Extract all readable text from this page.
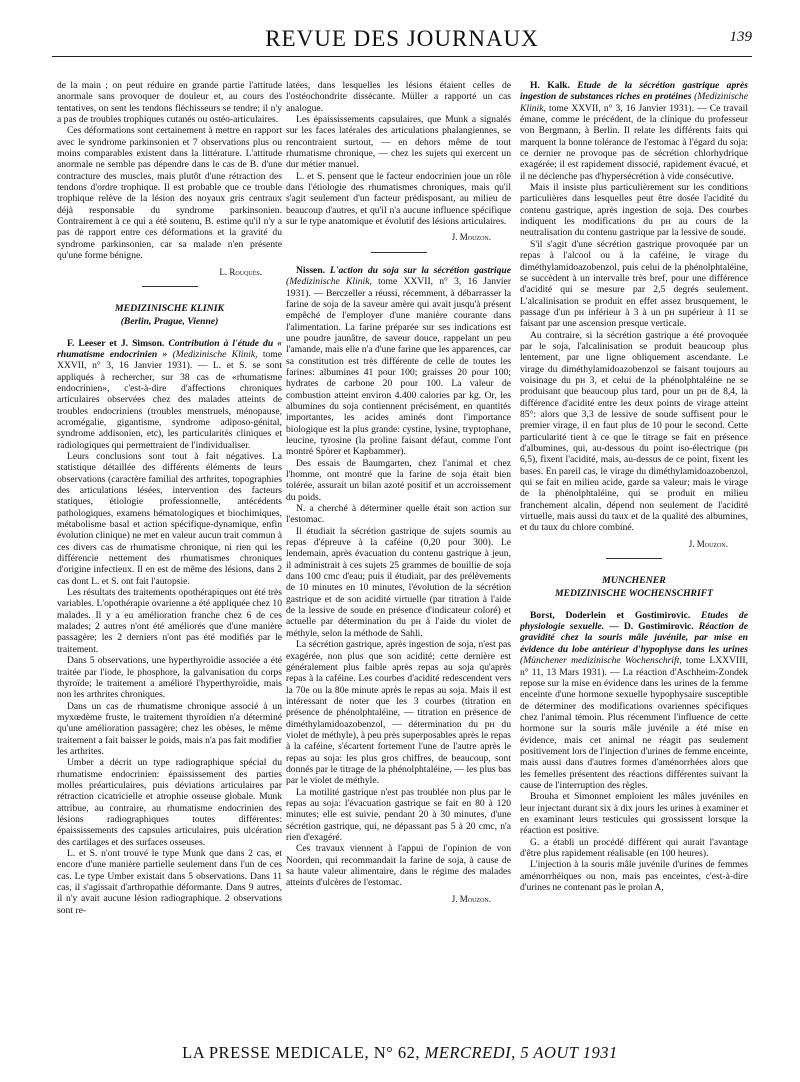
REVUE DES JOURNAUX	139

de la main ; on peut réduire en grande partie l'attitude anormale sans provoquer de douleur et, au cours des tentatives, on sent les tendons fléchisseurs se tendre; il n'y a pas de troubles trophiques cutanés ou ostéo-articulaires.

Ces déformations sont certainement à mettre en rapport avec le syndrome parkinsonien et 7 observations plus ou moins comparables existent dans la littérature. L'attitude anormale ne semble pas dépendre dans le cas de B. d'une contracture des muscles, mais plutôt d'une rétraction des tendons d'ordre trophique. Il est probable que ce trouble trophique relève de la lésion des noyaux gris centraux déjà responsable du syndrome parkinsonien. Contrairement à ce qui a été soutenu, B. estime qu'il n'y a pas de rapport entre ces déformations et la gravité du syndrome parkinsonien, car sa malade n'en présente qu'une forme bénigne.

L. Rouquès.
MEDIZINISCHE KLINIK
(Berlin, Prague, Vienne)

F. Leeser et J. Simson. Contribution à l'étude du « rhumatisme endocrinien » (Medizinische Klinik, tome XXVII, n° 3, 16 Janvier 1931). — L. et S. se sont appliqués à rechercher, sur 38 cas de «rhumatisme endocrinien», c'est-à-dire d'affections chroniques articulaires observées chez des malades atteints de troubles endocriniens (troubles menstruels, ménopause, acromégalie, gigantisme, syndrome adiposo-génital, syndrome addisonien, etc), les particularités cliniques et radiologiques qui permettraient de l'individualiser.

Leurs conclusions sont tout à fait négatives. La statistique détaillée des différents éléments de leurs observations (caractère familial des arthrites, topographies des articulations lésées, intervention des facteurs statiques, étiologie professionnelle, antécédents pathologiques, examens hématologiques et biochimiques, métabolisme basal et action spécifique-dynamique, enfin évolution clinique) ne met en valeur aucun trait commun à ces divers cas de rhumatisme chronique, ni rien qui les différencie nettement des rhumatismes chroniques d'origine infectieux. Il en est de même des lésions, dans 2 cas dont L. et S. ont fait l'autopsie.

Les résultats des traitements opothérapiques ont été très variables. L'opothérapie ovarienne a été appliquée chez 10 malades. Il y a eu amélioration franche chez 6 de ces malades; 2 autres n'ont été améliorés que d'une manière passagère; les 2 derniers n'ont pas été modifiés par le traitement.

Dans 5 observations, une hyperthyroïdie associée a été traitée par l'iode, le phosphore, la galvanisation du corps thyroïde; le traitement a amélioré l'hyperthyroïdie, mais non les arthrites chroniques.

Dans un cas de rhumatisme chronique associé à un myxœdème fruste, le traitement thyroïdien n'a déterminé qu'une amélioration passagère; chez les obèses, le même traitement a fait baisser le poids, mais n'a pas fait modifier les arthrites.

Umber a décrit un type radiographique spécial du rhumatisme endocrinien: épaississement des parties molles préarticulaires, puis déviations articulaires par rétraction cicatricielle et atrophie osseuse globale. Munk attribue, au contraire, au rhumatisme endocrinien des lésions radiographiques toutes différentes: épaississements des capsules articulaires, puis ulcération des cartilages et des surfaces osseuses.

L. et S. n'ont trouvé le type Munk que dans 2 cas, et encore d'une manière partielle seulement dans l'un de ces cas. Le type Umber existait dans 5 observations. Dans 11 cas, il s'agissait d'arthropathie déformante. Dans 9 autres, il n'y avait aucune lésion radiographique. 2 observations sont re-

latées, dans lesquelles les lésions étaient celles de l'ostéochondrite dissécante. Müller a rapporté un cas analogue.

Les épaississements capsulaires, que Munk a signalés sur les faces latérales des articulations phalangiennes, se rencontraient surtout, — en dehors même de tout rhumatisme chronique, — chez les sujets qui exercent un dur métier manuel.

L. et S. pensent que le facteur endocrinien joue un rôle dans l'étiologie des rhumatismes chroniques, mais qu'il s'agit seulement d'un facteur prédisposant, au milieu de beaucoup d'autres, et qu'il n'a aucune influence spécifique sur le type anatomique et évolutif des lésions articulaires.

J. Mouzon.

Nissen. L'action du soja sur la sécrétion gastrique (Medizinische Klinik, tome XXVII, n° 3, 16 Janvier 1931). — Berczeller a réussi, récemment, à débarrasser la farine de soja de la saveur amère qui avait jusqu'à présent empêché de l'employer d'une manière courante dans l'alimentation. La farine préparée sur ses indications est une poudre jaunâtre, de saveur douce, rappelant un peu l'amande, mais elle n'a d'une farine que les apparences, car sa constitution est très différente de celle de toutes les farines: albumines 41 pour 100; graisses 20 pour 100; hydrates de carbone 20 pour 100. La valeur de combustion atteint environ 4.400 calories par kg. Or, les albumines du soja contiennent précisément, en quantités importantes, les acides aminés dont l'importance biologique est la plus grande: cystine, lysine, tryptophane, leucine, tyrosine (la proline faisant défaut, comme l'ont montré Spörer et Kapbammer).

Des essais de Baumgarten, chez l'animal et chez l'homme, ont montré que la farine de soja était bien tolérée, assurait un bilan azoté positif et un accroissement du poids.

N. a cherché à déterminer quelle était son action sur l'estomac.

Il étudiait la sécrétion gastrique de sujets soumis au repas d'épreuve à la caféine (0,20 pour 300). Le lendemain, après évacuation du contenu gastrique à jeun, il administrait à ces sujets 25 grammes de bouillie de soja dans 100 cmc d'eau; puis il étudiait, par des prélèvements de 10 minutes en 10 minutes, l'évolution de la sécrétion gastrique et de son acidité virtuelle (par titration à l'aide de la lessive de soude en présence d'indicateur coloré) et actuelle par détermination du pн à l'aide du violet de méthyle, selon la méthode de Sahli.

La sécrétion gastrique, après ingestion de soja, n'est pas exagérée, non plus que son acidité; cette dernière est généralement plus faible après repas au soja qu'après repas à la caféine. Les courbes d'acidité redescendent vers la 70e ou la 80e minute après le repas au soja. Mais il est intéressant de noter que les 3 courbes (titration en présence de phénolphtaléine, — titration en présence de diméthylamidoazobenzol, — détermination du pн du violet de méthyle), à peu près superposables après le repas à la caféine, s'écartent fortement l'une de l'autre après le repas au soja: les plus gros chiffres, de beaucoup, sont donnés par le titrage de la phénolphtaléine, — les plus bas par le violet de méthyle.

La motilité gastrique n'est pas troublée non plus par le repas au soja: l'évacuation gastrique se fait en 80 à 120 minutes; elle est suivie, pendant 20 à 30 minutes, d'une sécrétion gastrique, qui, ne dépassant pas 5 à 20 cmc, n'a rien d'exagéré.

Ces travaux viennent à l'appui de l'opinion de von Noorden, qui recommandait la farine de soja, à cause de sa haute valeur alimentaire, dans le régime des malades atteints d'ulcères de l'estomac.

J. Mouzon.

H. Kalk. Etude de la sécrétion gastrique après ingestion de substances riches en protéines (Medizinische Klinik, tome XXVII, n° 3, 16 Janvier 1931). — Ce travail émane, comme le précédent, de la clinique du professeur von Bergmann, à Berlin. Il relate les différents faits qui marquent la bonne tolérance de l'estomac à l'égard du soja: ce dernier ne provoque pas de sécrétion chlorhydrique exagérée; il est rapidement dissocié, rapidement évacué, et il ne déclenche pas d'hypersécrétion à vide consécutive.

Mais il insiste plus particulièrement sur les conditions particulières dans lesquelles peut être dosée l'acidité du contenu gastrique, après ingestion de soja. Des courbes indiquent les modifications du pн au cours de la neutralisation du contenu gastrique par la lessive de soude.

S'il s'agit d'une sécrétion gastrique provoquée par un repas à l'alcool ou à la caféine, le virage du diméthylamidoazobenzol, puis celui de la phénolphtaléine, se succèdent à un intervalle très bref, pour une différence d'acidité qui se mesure par 2,5 degrés seulement. L'alcalinisation se produit en effet assez brusquement, le passage d'un pн inférieur à 3 à un pн supérieur à 11 se faisant par une ascension presque verticale.

Au contraire, si la sécrétion gastrique a été provoquée par le soja, l'alcalinisation se produit beaucoup plus lentement, par une ligne obliquement ascendante. Le virage du diméthylamidoazobenzol se faisant toujours au voisinage du pн 3, et celui de la phénolphtaléine ne se produisant que beaucoup plus tard, pour un pн de 8,4, la différence d'acidité entre les deux points de virage atteint 85°: alors que 3,3 de lessive de soude suffisent pour le premier virage, il en faut plus de 10 pour le second. Cette particularité tient à ce que le titrage se fait en présence d'albumines, qui, au-dessous du point iso-électrique (pн 6,5), fixent l'acidité, mais, au-dessus de ce point, fixent les bases. En pareil cas, le virage du diméthylamidoazobenzol, qui se fait en milieu acide, garde sa valeur; mais le virage de la phénolphtaléine, qui se produit en milieu franchement alcalin, dépend non seulement de l'acidité virtuelle, mais aussi du taux et de la qualité des albumines, et du taux du chlore combiné.

J. Mouzon.
MUNCHENER
MEDIZINISCHE WOCHENSCHRIFT

Borst, Doderlein et Gostimirovic. Etudes de physiologie sexuelle. — D. Gostimirovic. Réaction de gravidité chez la souris mâle juvénile, par mise en évidence du lobe antérieur d'hypophyse dans les urines (Münchener medizinische Wochenschrift, tome LXXVIII, n° 11, 13 Mars 1931). — La réaction d'Aschheim-Zondek repose sur la mise en évidence dans les urines de la femme enceinte d'une hormone sexuelle hypophysaire susceptible de déterminer des modifications ovariennes spécifiques chez l'animal témoin. Plus récemment l'influence de cette hormone sur la souris mâle juvénile a été mise en évidence, mais cet animal ne réagit pas seulement positivement lors de l'injection d'urines de femme enceinte, mais aussi dans d'autres formes d'aménorrhées alors que les femelles présentent des réactions différentes suivant la cause de l'interruption des règles.

Brouha et Simonnet emploient les mâles juvéniles en leur injectant durant six à dix jours les urines à examiner et en examinant leurs testicules qui grossissent lorsque la réaction est positive.

G. a établi un procédé différent qui aurait l'avantage d'être plus rapidement réalisable (en 100 heures).

L'injection à la souris mâle juvénile d'urines de femmes aménorrhéiques ou non, mais pas enceintes, c'est-à-dire d'urines ne contenant pas le prolan A,

LA PRESSE MEDICALE, N° 62, MERCREDI, 5 AOUT 1931
